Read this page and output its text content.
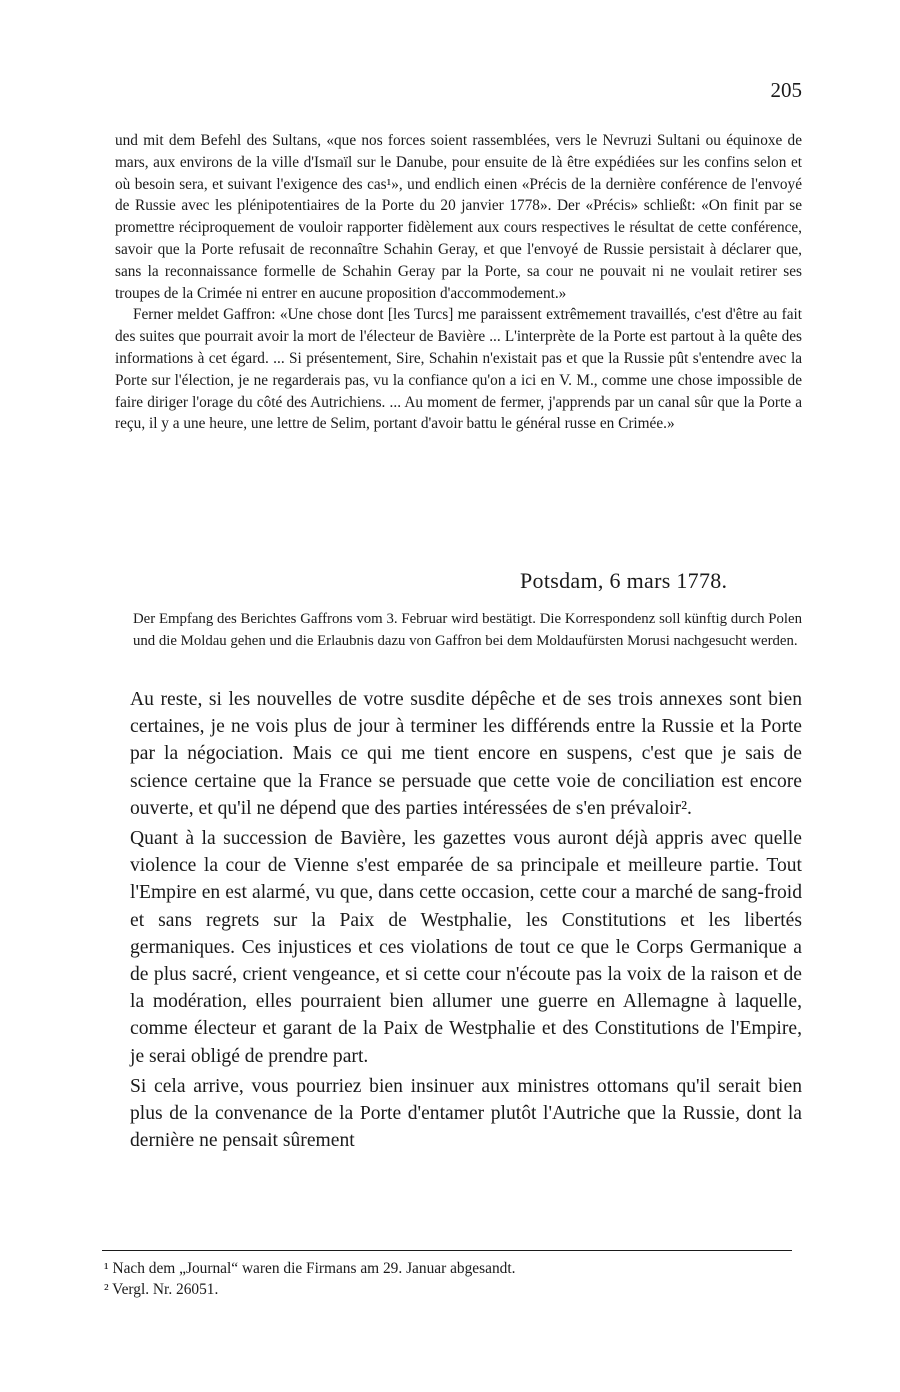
205

und mit dem Befehl des Sultans, «que nos forces soient rassemblées, vers le Nevruzi Sultani ou équinoxe de mars, aux environs de la ville d'Ismaïl sur le Danube, pour ensuite de là être expédiées sur les confins selon et où besoin sera, et suivant l'exigence des cas¹», und endlich einen «Précis de la dernière conférence de l'envoyé de Russie avec les plénipotentiaires de la Porte du 20 janvier 1778». Der «Précis» schließt: «On finit par se promettre réciproquement de vouloir rapporter fidèlement aux cours respectives le résultat de cette conférence, savoir que la Porte refusait de reconnaître Schahin Geray, et que l'envoyé de Russie persistait à déclarer que, sans la reconnaissance formelle de Schahin Geray par la Porte, sa cour ne pouvait ni ne voulait retirer ses troupes de la Crimée ni entrer en aucune proposition d'accommodement.»

Ferner meldet Gaffron: «Une chose dont [les Turcs] me paraissent extrêmement travaillés, c'est d'être au fait des suites que pourrait avoir la mort de l'électeur de Bavière ... L'interprète de la Porte est partout à la quête des informations à cet égard. ... Si présentement, Sire, Schahin n'existait pas et que la Russie pût s'entendre avec la Porte sur l'élection, je ne regarderais pas, vu la confiance qu'on a ici en V. M., comme une chose impossible de faire diriger l'orage du côté des Autrichiens. ... Au moment de fermer, j'apprends par un canal sûr que la Porte a reçu, il y a une heure, une lettre de Selim, portant d'avoir battu le général russe en Crimée.»

Potsdam, 6 mars 1778.
Der Empfang des Berichtes Gaffrons vom 3. Februar wird bestätigt. Die Korrespondenz soll künftig durch Polen und die Moldau gehen und die Erlaubnis dazu von Gaffron bei dem Moldaufürsten Morusi nachgesucht werden.

Au reste, si les nouvelles de votre susdite dépêche et de ses trois annexes sont bien certaines, je ne vois plus de jour à terminer les différends entre la Russie et la Porte par la négociation. Mais ce qui me tient encore en suspens, c'est que je sais de science certaine que la France se persuade que cette voie de conciliation est encore ouverte, et qu'il ne dépend que des parties intéressées de s'en prévaloir².

Quant à la succession de Bavière, les gazettes vous auront déjà appris avec quelle violence la cour de Vienne s'est emparée de sa principale et meilleure partie. Tout l'Empire en est alarmé, vu que, dans cette occasion, cette cour a marché de sang-froid et sans regrets sur la Paix de Westphalie, les Constitutions et les libertés germaniques. Ces injustices et ces violations de tout ce que le Corps Germanique a de plus sacré, crient vengeance, et si cette cour n'écoute pas la voix de la raison et de la modération, elles pourraient bien allumer une guerre en Allemagne à laquelle, comme électeur et garant de la Paix de Westphalie et des Constitutions de l'Empire, je serai obligé de prendre part.

Si cela arrive, vous pourriez bien insinuer aux ministres ottomans qu'il serait bien plus de la convenance de la Porte d'entamer plutôt l'Autriche que la Russie, dont la dernière ne pensait sûrement

¹ Nach dem „Journal“ waren die Firmans am 29. Januar abgesandt.
² Vergl. Nr. 26051.
